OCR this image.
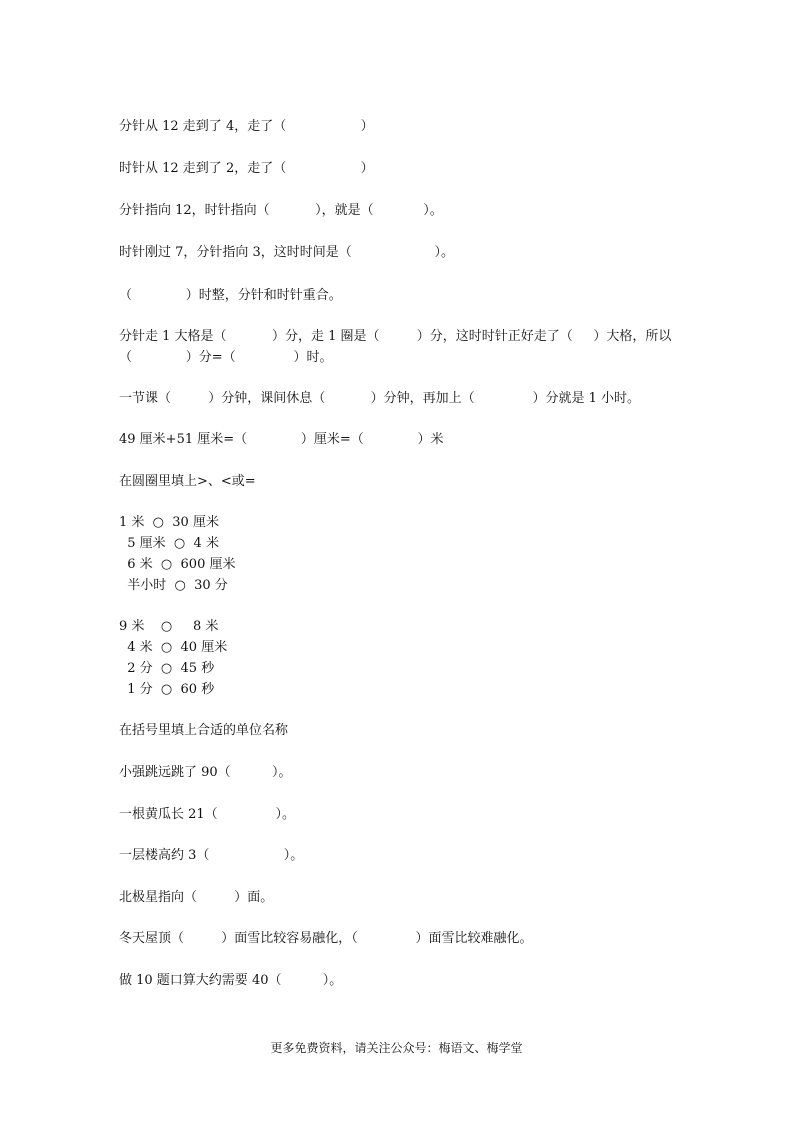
分针从 12 走到了 4，走了（                  ）
时针从 12 走到了 2，走了（                  ）
分针指向 12，时针指向（           ），就是（            ）。
时针刚过 7，分针指向 3，这时时间是（                    ）。
（             ）时整，分针和时针重合。
分针走 1 大格是（           ）分，走 1 圈是（         ）分，这时时针正好走了（     ）大格，所以
（             ）分=（              ）时。
一节课（         ）分钟，课间休息（           ）分钟，再加上（              ）分就是 1 小时。
49 厘米+51 厘米=（             ）厘米=（             ）米
在圆圈里填上>、<或=
1 米  ○  30 厘米
5 厘米  ○  4 米
6 米  ○  600 厘米
半小时  ○  30 分
9 米    ○     8 米
4 米  ○  40 厘米
2 分  ○  45 秒
1 分  ○  60 秒
在括号里填上合适的单位名称
小强跳远跳了 90（          ）。
一根黄瓜长 21（              ）。
一层楼高约 3（                  ）。
北极星指向（         ）面。
冬天屋顶（         ）面雪比较容易融化，（              ）面雪比较难融化。
做 10 题口算大约需要 40（          ）。
更多免费资料，请关注公众号：梅语文、梅学堂
